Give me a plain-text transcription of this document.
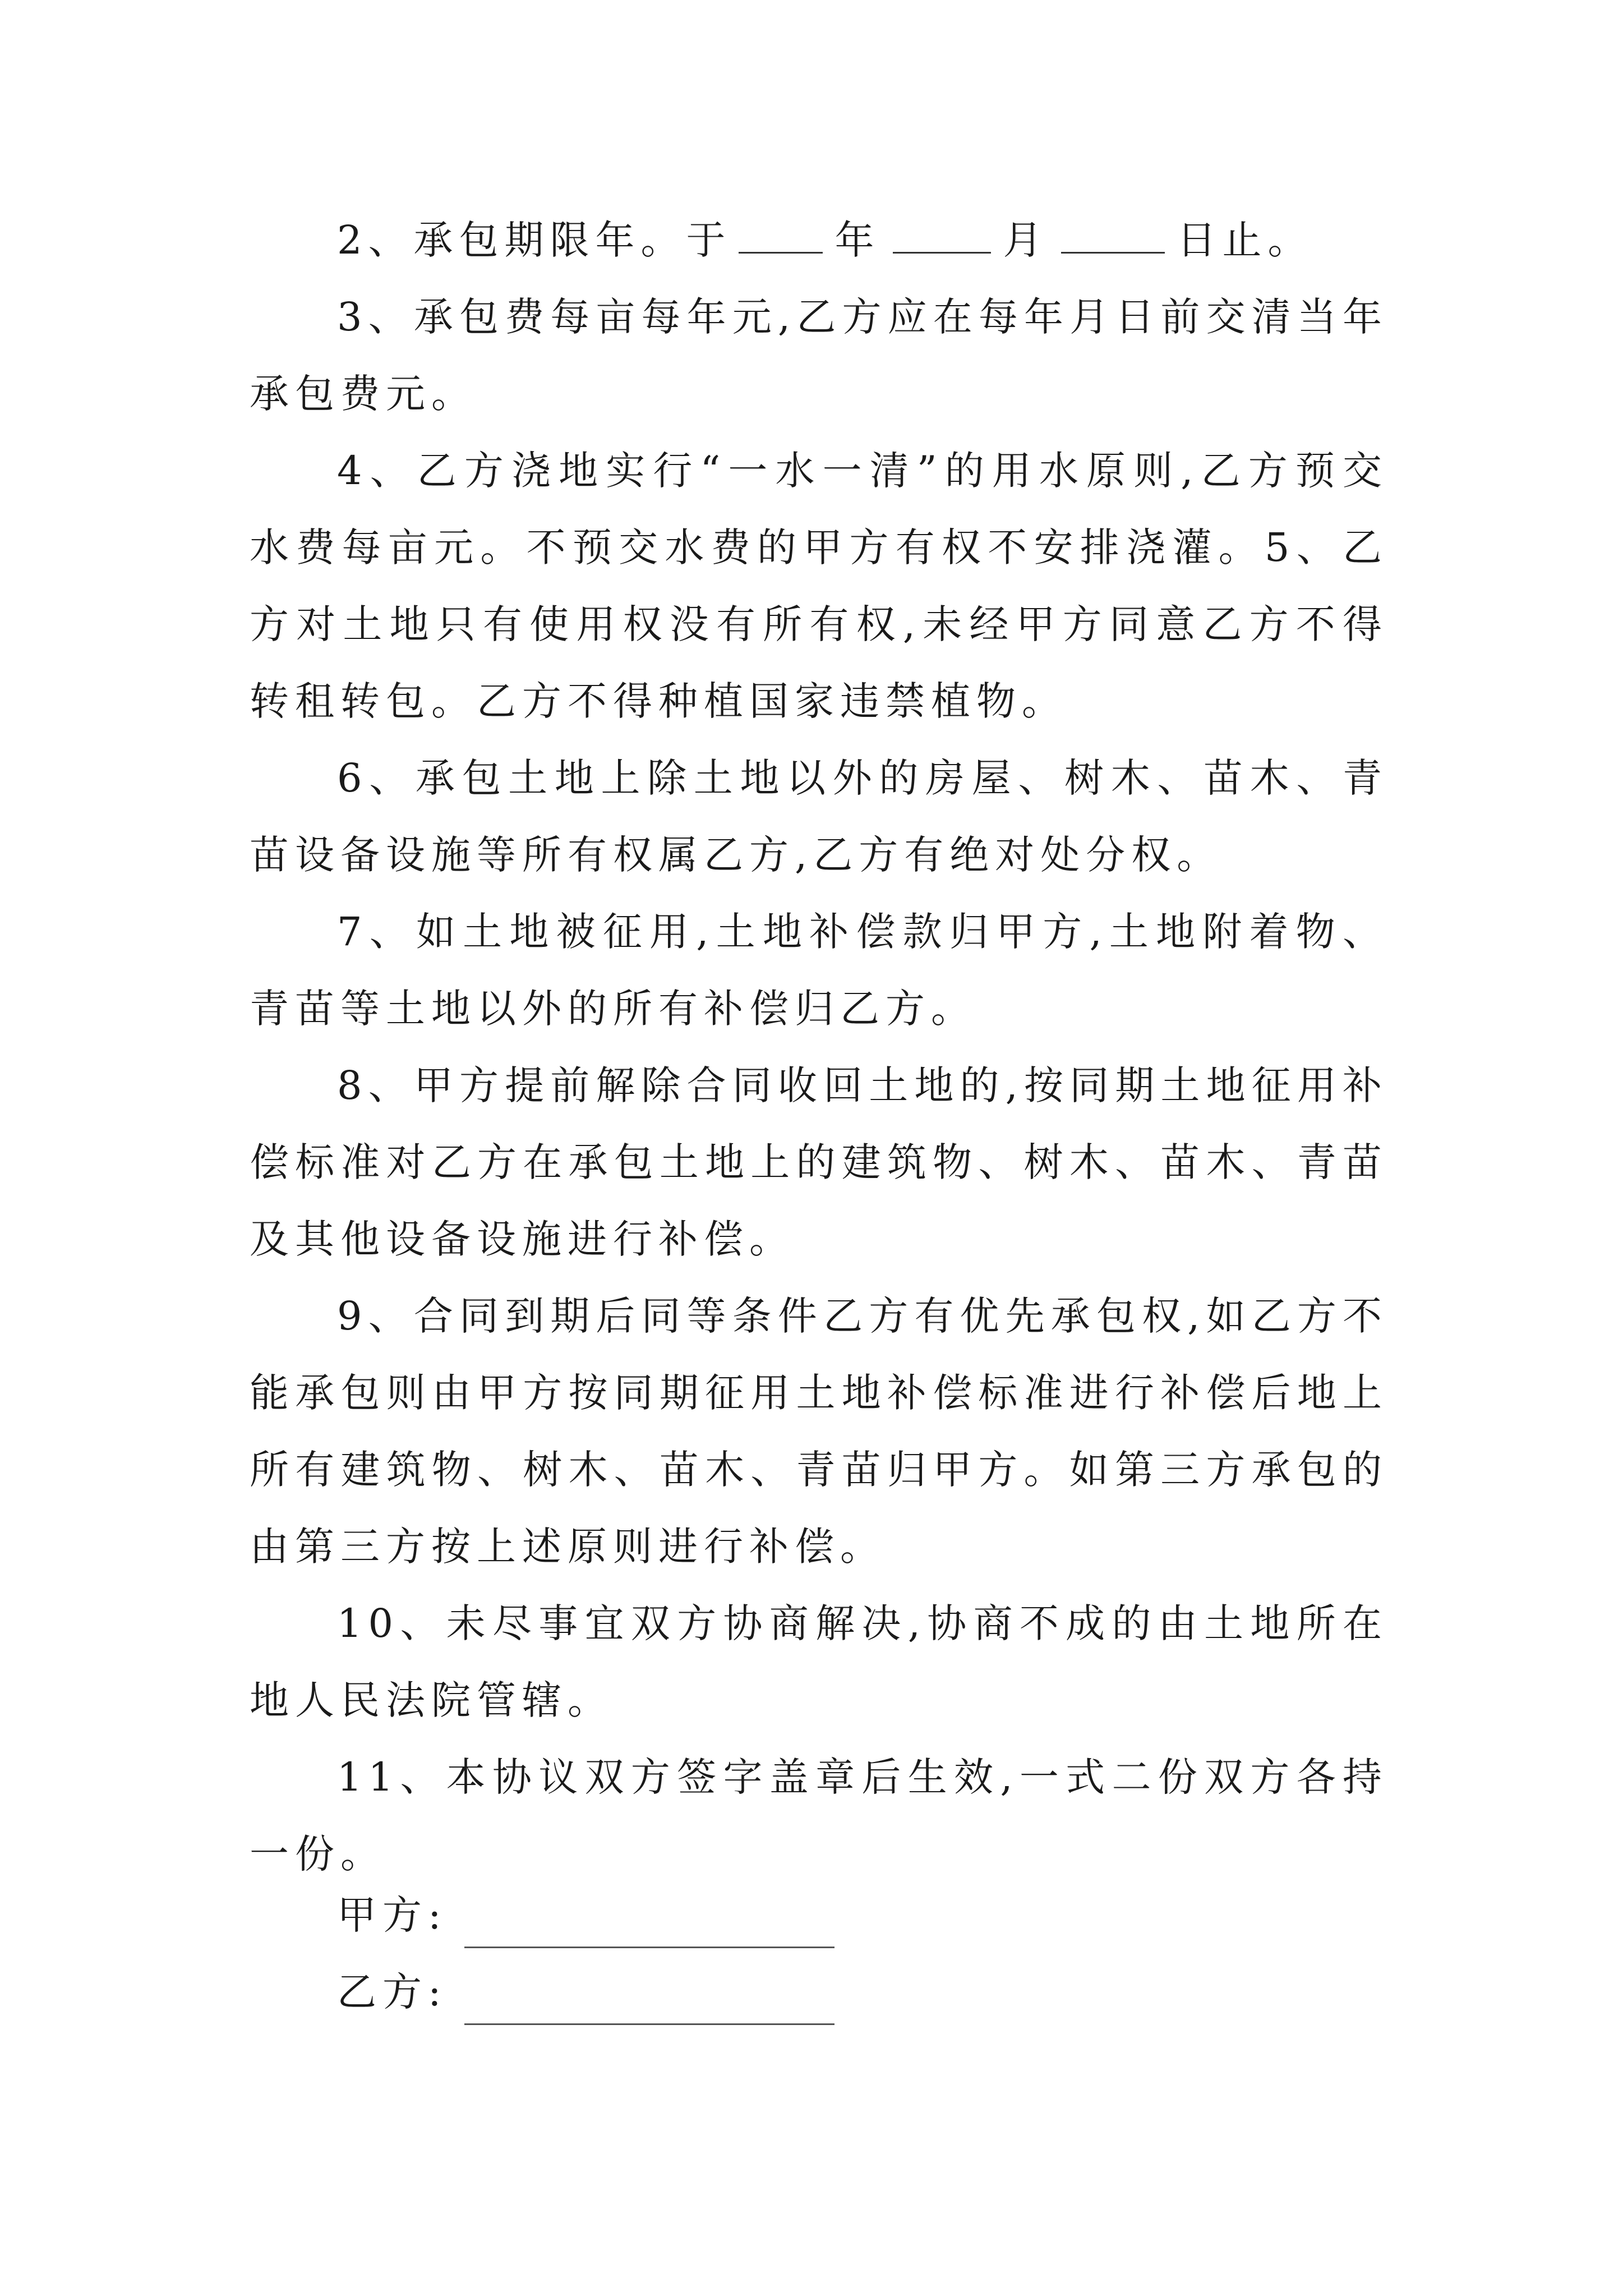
2、承包期限年。于	年	月	日止。

3、承包费每亩每年元,乙方应在每年月日前交清当年承包费元。

4、乙方浇地实行“一水一清”的用水原则,乙方预交水费每亩元。不预交水费的甲方有权不安排浇灌。5、乙方对土地只有使用权没有所有权,未经甲方同意乙方不得转租转包。乙方不得种植国家违禁植物。

6、承包土地上除土地以外的房屋、树木、苗木、青苗设备设施等所有权属乙方,乙方有绝对处分权。

7、如土地被征用,土地补偿款归甲方,土地附着物、青苗等土地以外的所有补偿归乙方。

8、甲方提前解除合同收回土地的,按同期土地征用补偿标准对乙方在承包土地上的建筑物、树木、苗木、青苗及其他设备设施进行补偿。

9、合同到期后同等条件乙方有优先承包权,如乙方不能承包则由甲方按同期征用土地补偿标准进行补偿后地上所有建筑物、树木、苗木、青苗归甲方。如第三方承包的由第三方按上述原则进行补偿。

10、未尽事宜双方协商解决,协商不成的由土地所在地人民法院管辖。

11、本协议双方签字盖章后生效,一式二份双方各持一份。

甲方:
乙方:
